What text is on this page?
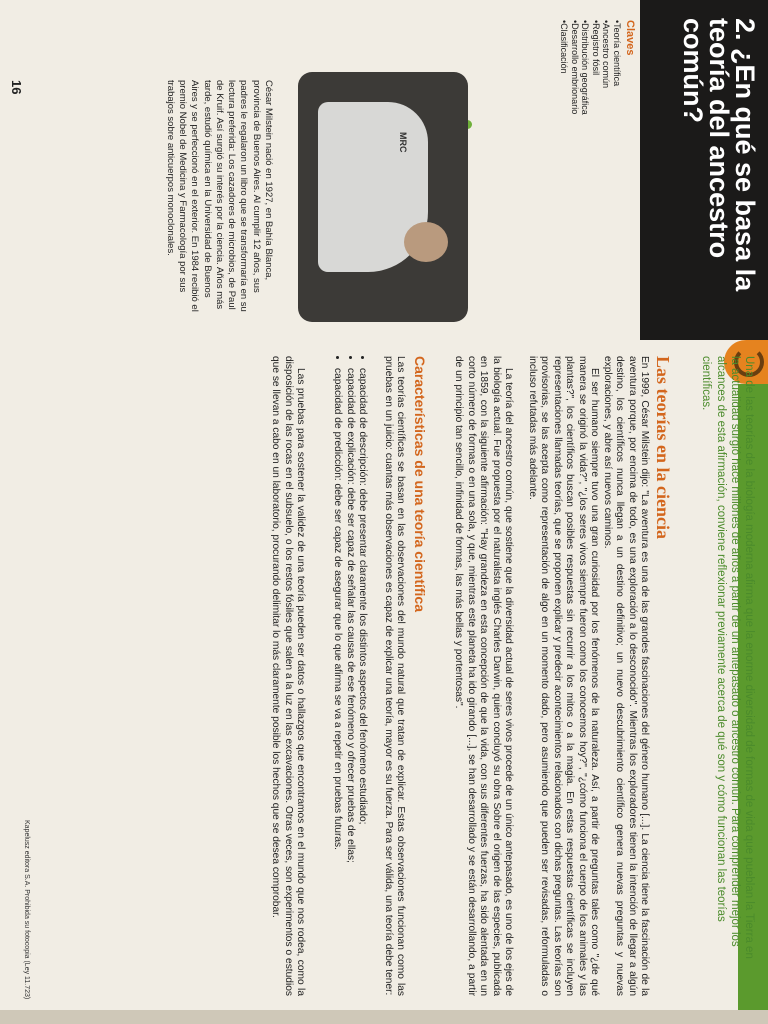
2. ¿En qué se basa la teoría del ancestro común?

Claves

• Teoría científica
• Ancestro común
• Registro fósil
• Distribución geográfica
• Desarrollo embrionario
• Clasificación
MRC

César Milstein nació en 1927, en Bahía Blanca, provincia de Buenos Aires. Al cumplir 12 años, sus padres le regalaron un libro que se transformaría en su lectura preferida: Los cazadores de microbios, de Paul de Kruif. Así surgió su interés por la ciencia. Años más tarde, estudió química en la Universidad de Buenos Aires y se perfeccionó en el exterior. En 1984 recibió el premio Nobel de Medicina y Farmacología por sus trabajos sobre anticuerpos monoclonales.

16

Una de las teorías de la biología moderna afirma que la enorme diversidad de formas de vida que pueblan la Tierra en la actualidad surgió hace millones de años a partir de un antepasado o ancestro común. Para comprender mejor los alcances de esta afirmación, conviene reflexionar previamente acerca de qué son y cómo funcionan las teorías científicas.

Las teorías en la ciencia

En 1999, César Milstein dijo: "La aventura es una de las grandes fascinaciones del género humano [...]. La ciencia tiene la fascinación de la aventura porque, por encima de todo, es una exploración a lo desconocido". Mientras los exploradores tienen la intención de llegar a algún destino, los científicos nunca llegan a un destino definitivo; un nuevo descubrimiento científico genera nuevas preguntas y nuevas exploraciones, y abre así nuevos caminos.

El ser humano siempre tuvo una gran curiosidad por los fenómenos de la naturaleza. Así, a partir de preguntas tales como "¿de qué manera se originó la vida?", "¿los seres vivos siempre fueron como los conocemos hoy?", "¿cómo funciona el cuerpo de los animales y las plantas?", los científicos buscan posibles respuestas sin recurrir a los mitos o a la magia. En estas respuestas científicas se incluyen representaciones llamadas teorías, que se proponen explicar y predecir acontecimientos relacionados con dichas preguntas. Las teorías son provisorias, se las acepta como representación de algo en un momento dado, pero asumiendo que pueden ser revisadas, reformuladas o incluso refutadas más adelante.

La teoría del ancestro común, que sostiene que la diversidad actual de seres vivos procede de un único antepasado, es uno de los ejes de la biología actual. Fue propuesta por el naturalista inglés Charles Darwin, quien concluyó su obra Sobre el origen de las especies, publicada en 1859, con la siguiente afirmación: "Hay grandeza en esta concepción de que la vida, con sus diferentes fuerzas, ha sido alentada en un corto número de formas o en una sola, y que, mientras este planeta ha ido girando [...], se han desarrollado y se están desarrollando, a partir de un principio tan sencillo, infinidad de formas, las más bellas y portentosas".

Características de una teoría científica

Las teorías científicas se basan en las observaciones del mundo natural que tratan de explicar. Estas observaciones funcionan como las pruebas en un juicio: cuantas más observaciones es capaz de explicar una teoría, mayor es su fuerza. Para ser válida, una teoría debe tener:

• capacidad de descripción: debe presentar claramente los distintos aspectos del fenómeno estudiado;
• capacidad de explicación: debe ser capaz de señalar las causas de ese fenómeno y ofrecer pruebas de ellas;
• capacidad de predicción: debe ser capaz de asegurar que lo que afirma se va a repetir en pruebas futuras.

Las pruebas para sostener la validez de una teoría pueden ser datos o hallazgos que encontramos en el mundo que nos rodea, como la disposición de las rocas en el subsuelo, o los restos fósiles que salen a la luz en las excavaciones. Otras veces, son experimentos o estudios que se llevan a cabo en un laboratorio, procurando delimitar lo más claramente posible los hechos que se desea comprobar.

Kapelusz editora S.A. Prohibida su fotocopia (Ley 11.723)
